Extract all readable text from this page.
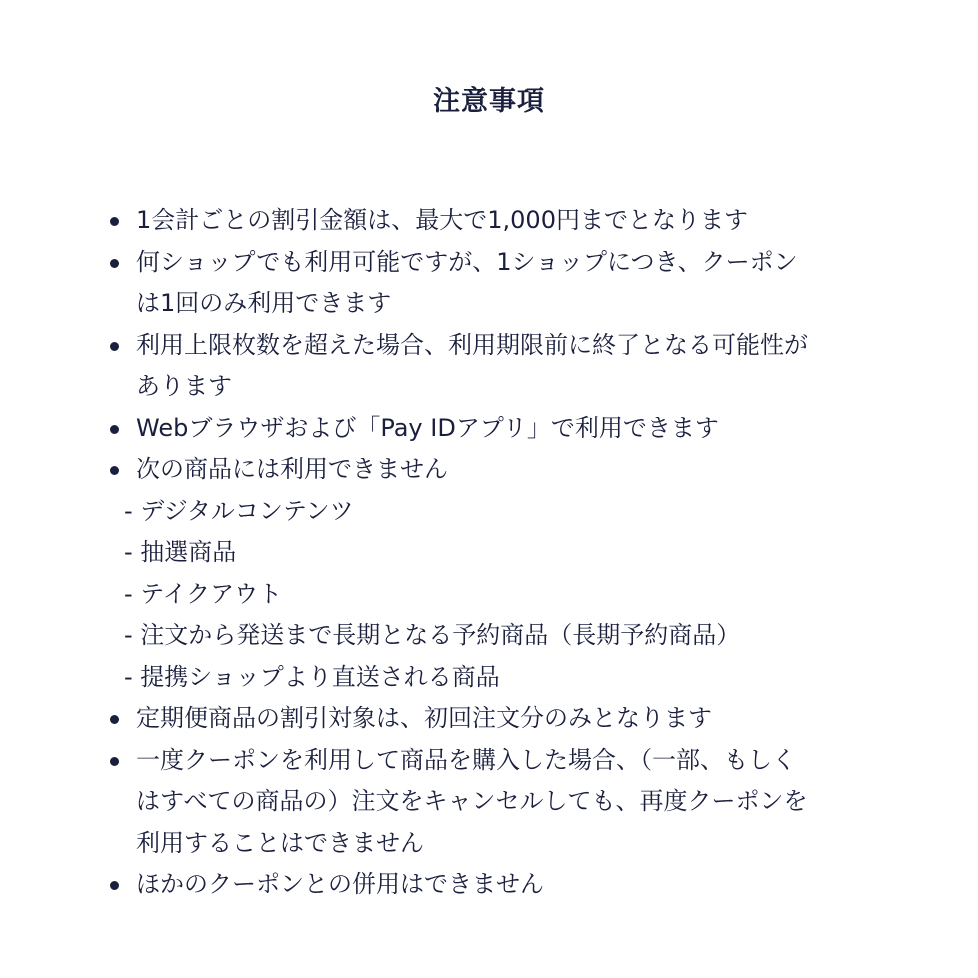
注意事項
1会計ごとの割引金額は、最大で1,000円までとなります
何ショップでも利用可能ですが、1ショップにつき、クーポン
は1回のみ利用できます
利用上限枚数を超えた場合、利用期限前に終了となる可能性が
あります
Webブラウザおよび「Pay IDアプリ」で利用できます
次の商品には利用できません
- デジタルコンテンツ
- 抽選商品
- テイクアウト
- 注文から発送まで長期となる予約商品（長期予約商品）
- 提携ショップより直送される商品
定期便商品の割引対象は、初回注文分のみとなります
一度クーポンを利用して商品を購入した場合、（一部、もしく
はすべての商品の）注文をキャンセルしても、再度クーポンを
利用することはできません
ほかのクーポンとの併用はできません
